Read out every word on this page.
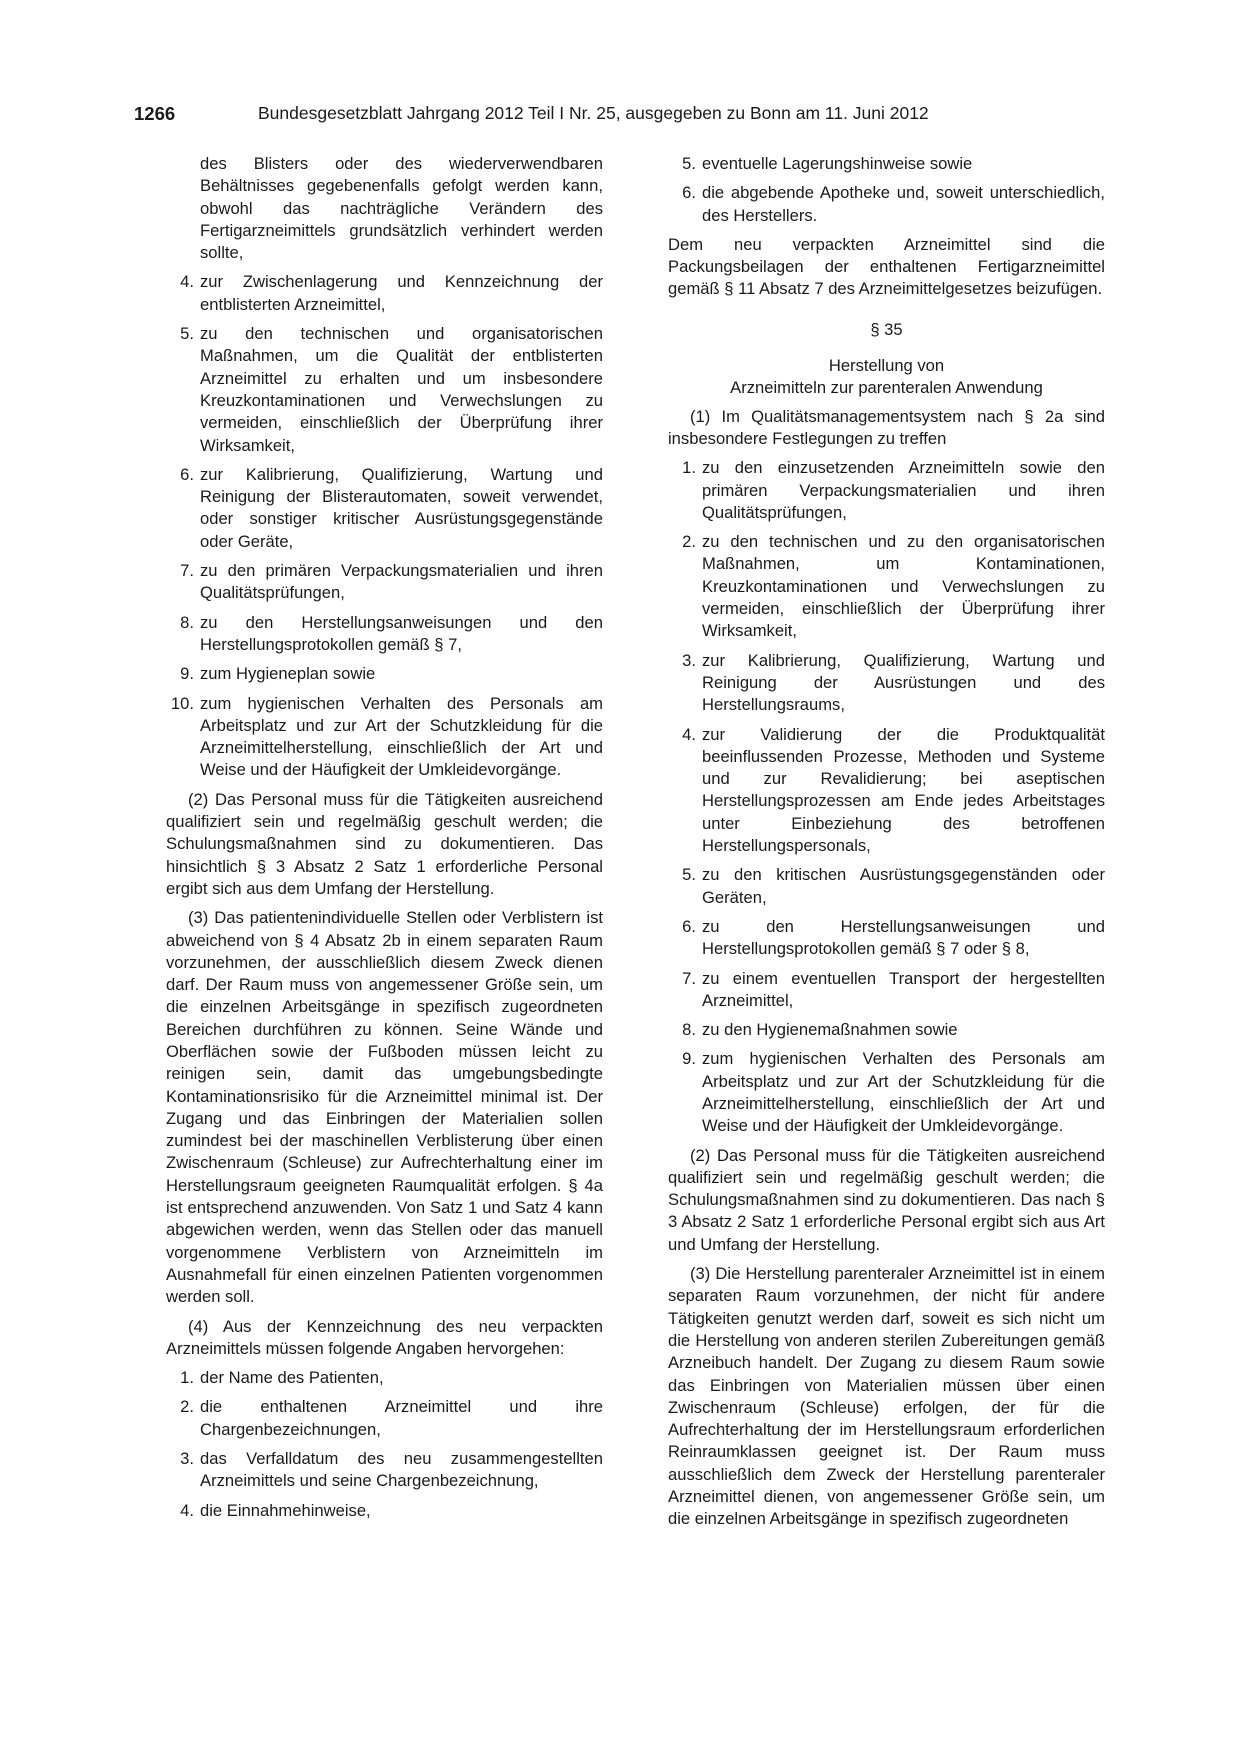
1266	Bundesgesetzblatt Jahrgang 2012 Teil I Nr. 25, ausgegeben zu Bonn am 11. Juni 2012

des Blisters oder des wiederverwendbaren Behältnisses gegebenenfalls gefolgt werden kann, obwohl das nachträgliche Verändern des Fertigarzneimittels grundsätzlich verhindert werden sollte,

4. zur Zwischenlagerung und Kennzeichnung der entblisterten Arzneimittel,

5. zu den technischen und organisatorischen Maßnahmen, um die Qualität der entblisterten Arzneimittel zu erhalten und um insbesondere Kreuzkontaminationen und Verwechslungen zu vermeiden, einschließlich der Überprüfung ihrer Wirksamkeit,

6. zur Kalibrierung, Qualifizierung, Wartung und Reinigung der Blisterautomaten, soweit verwendet, oder sonstiger kritischer Ausrüstungsgegenstände oder Geräte,

7. zu den primären Verpackungsmaterialien und ihren Qualitätsprüfungen,

8. zu den Herstellungsanweisungen und den Herstellungsprotokollen gemäß § 7,

9. zum Hygieneplan sowie

10. zum hygienischen Verhalten des Personals am Arbeitsplatz und zur Art der Schutzkleidung für die Arzneimittelherstellung, einschließlich der Art und Weise und der Häufigkeit der Umkleidevorgänge.

(2) Das Personal muss für die Tätigkeiten ausreichend qualifiziert sein und regelmäßig geschult werden; die Schulungsmaßnahmen sind zu dokumentieren. Das hinsichtlich § 3 Absatz 2 Satz 1 erforderliche Personal ergibt sich aus dem Umfang der Herstellung.

(3) Das patientenindividuelle Stellen oder Verblistern ist abweichend von § 4 Absatz 2b in einem separaten Raum vorzunehmen, der ausschließlich diesem Zweck dienen darf. Der Raum muss von angemessener Größe sein, um die einzelnen Arbeitsgänge in spezifisch zugeordneten Bereichen durchführen zu können. Seine Wände und Oberflächen sowie der Fußboden müssen leicht zu reinigen sein, damit das umgebungsbedingte Kontaminationsrisiko für die Arzneimittel minimal ist. Der Zugang und das Einbringen der Materialien sollen zumindest bei der maschinellen Verblisterung über einen Zwischenraum (Schleuse) zur Aufrechterhaltung einer im Herstellungsraum geeigneten Raumqualität erfolgen. § 4a ist entsprechend anzuwenden. Von Satz 1 und Satz 4 kann abgewichen werden, wenn das Stellen oder das manuell vorgenommene Verblistern von Arzneimitteln im Ausnahmefall für einen einzelnen Patienten vorgenommen werden soll.

(4) Aus der Kennzeichnung des neu verpackten Arzneimittels müssen folgende Angaben hervorgehen:

1. der Name des Patienten,

2. die enthaltenen Arzneimittel und ihre Chargenbezeichnungen,

3. das Verfalldatum des neu zusammengestellten Arzneimittels und seine Chargenbezeichnung,

4. die Einnahmehinweise,

5. eventuelle Lagerungshinweise sowie

6. die abgebende Apotheke und, soweit unterschiedlich, des Herstellers.

Dem neu verpackten Arzneimittel sind die Packungsbeilagen der enthaltenen Fertigarzneimittel gemäß § 11 Absatz 7 des Arzneimittelgesetzes beizufügen.

§ 35

Herstellung von

Arzneimitteln zur parenteralen Anwendung

(1) Im Qualitätsmanagementsystem nach § 2a sind insbesondere Festlegungen zu treffen

1. zu den einzusetzenden Arzneimitteln sowie den primären Verpackungsmaterialien und ihren Qualitätsprüfungen,

2. zu den technischen und zu den organisatorischen Maßnahmen, um Kontaminationen, Kreuzkontaminationen und Verwechslungen zu vermeiden, einschließlich der Überprüfung ihrer Wirksamkeit,

3. zur Kalibrierung, Qualifizierung, Wartung und Reinigung der Ausrüstungen und des Herstellungsraums,

4. zur Validierung der die Produktqualität beeinflussenden Prozesse, Methoden und Systeme und zur Revalidierung; bei aseptischen Herstellungsprozessen am Ende jedes Arbeitstages unter Einbeziehung des betroffenen Herstellungspersonals,

5. zu den kritischen Ausrüstungsgegenständen oder Geräten,

6. zu den Herstellungsanweisungen und Herstellungsprotokollen gemäß § 7 oder § 8,

7. zu einem eventuellen Transport der hergestellten Arzneimittel,

8. zu den Hygienemaßnahmen sowie

9. zum hygienischen Verhalten des Personals am Arbeitsplatz und zur Art der Schutzkleidung für die Arzneimittelherstellung, einschließlich der Art und Weise und der Häufigkeit der Umkleidevorgänge.

(2) Das Personal muss für die Tätigkeiten ausreichend qualifiziert sein und regelmäßig geschult werden; die Schulungsmaßnahmen sind zu dokumentieren. Das nach § 3 Absatz 2 Satz 1 erforderliche Personal ergibt sich aus Art und Umfang der Herstellung.

(3) Die Herstellung parenteraler Arzneimittel ist in einem separaten Raum vorzunehmen, der nicht für andere Tätigkeiten genutzt werden darf, soweit es sich nicht um die Herstellung von anderen sterilen Zubereitungen gemäß Arzneibuch handelt. Der Zugang zu diesem Raum sowie das Einbringen von Materialien müssen über einen Zwischenraum (Schleuse) erfolgen, der für die Aufrechterhaltung der im Herstellungsraum erforderlichen Reinraumklassen geeignet ist. Der Raum muss ausschließlich dem Zweck der Herstellung parenteraler Arzneimittel dienen, von angemessener Größe sein, um die einzelnen Arbeitsgänge in spezifisch zugeordneten
